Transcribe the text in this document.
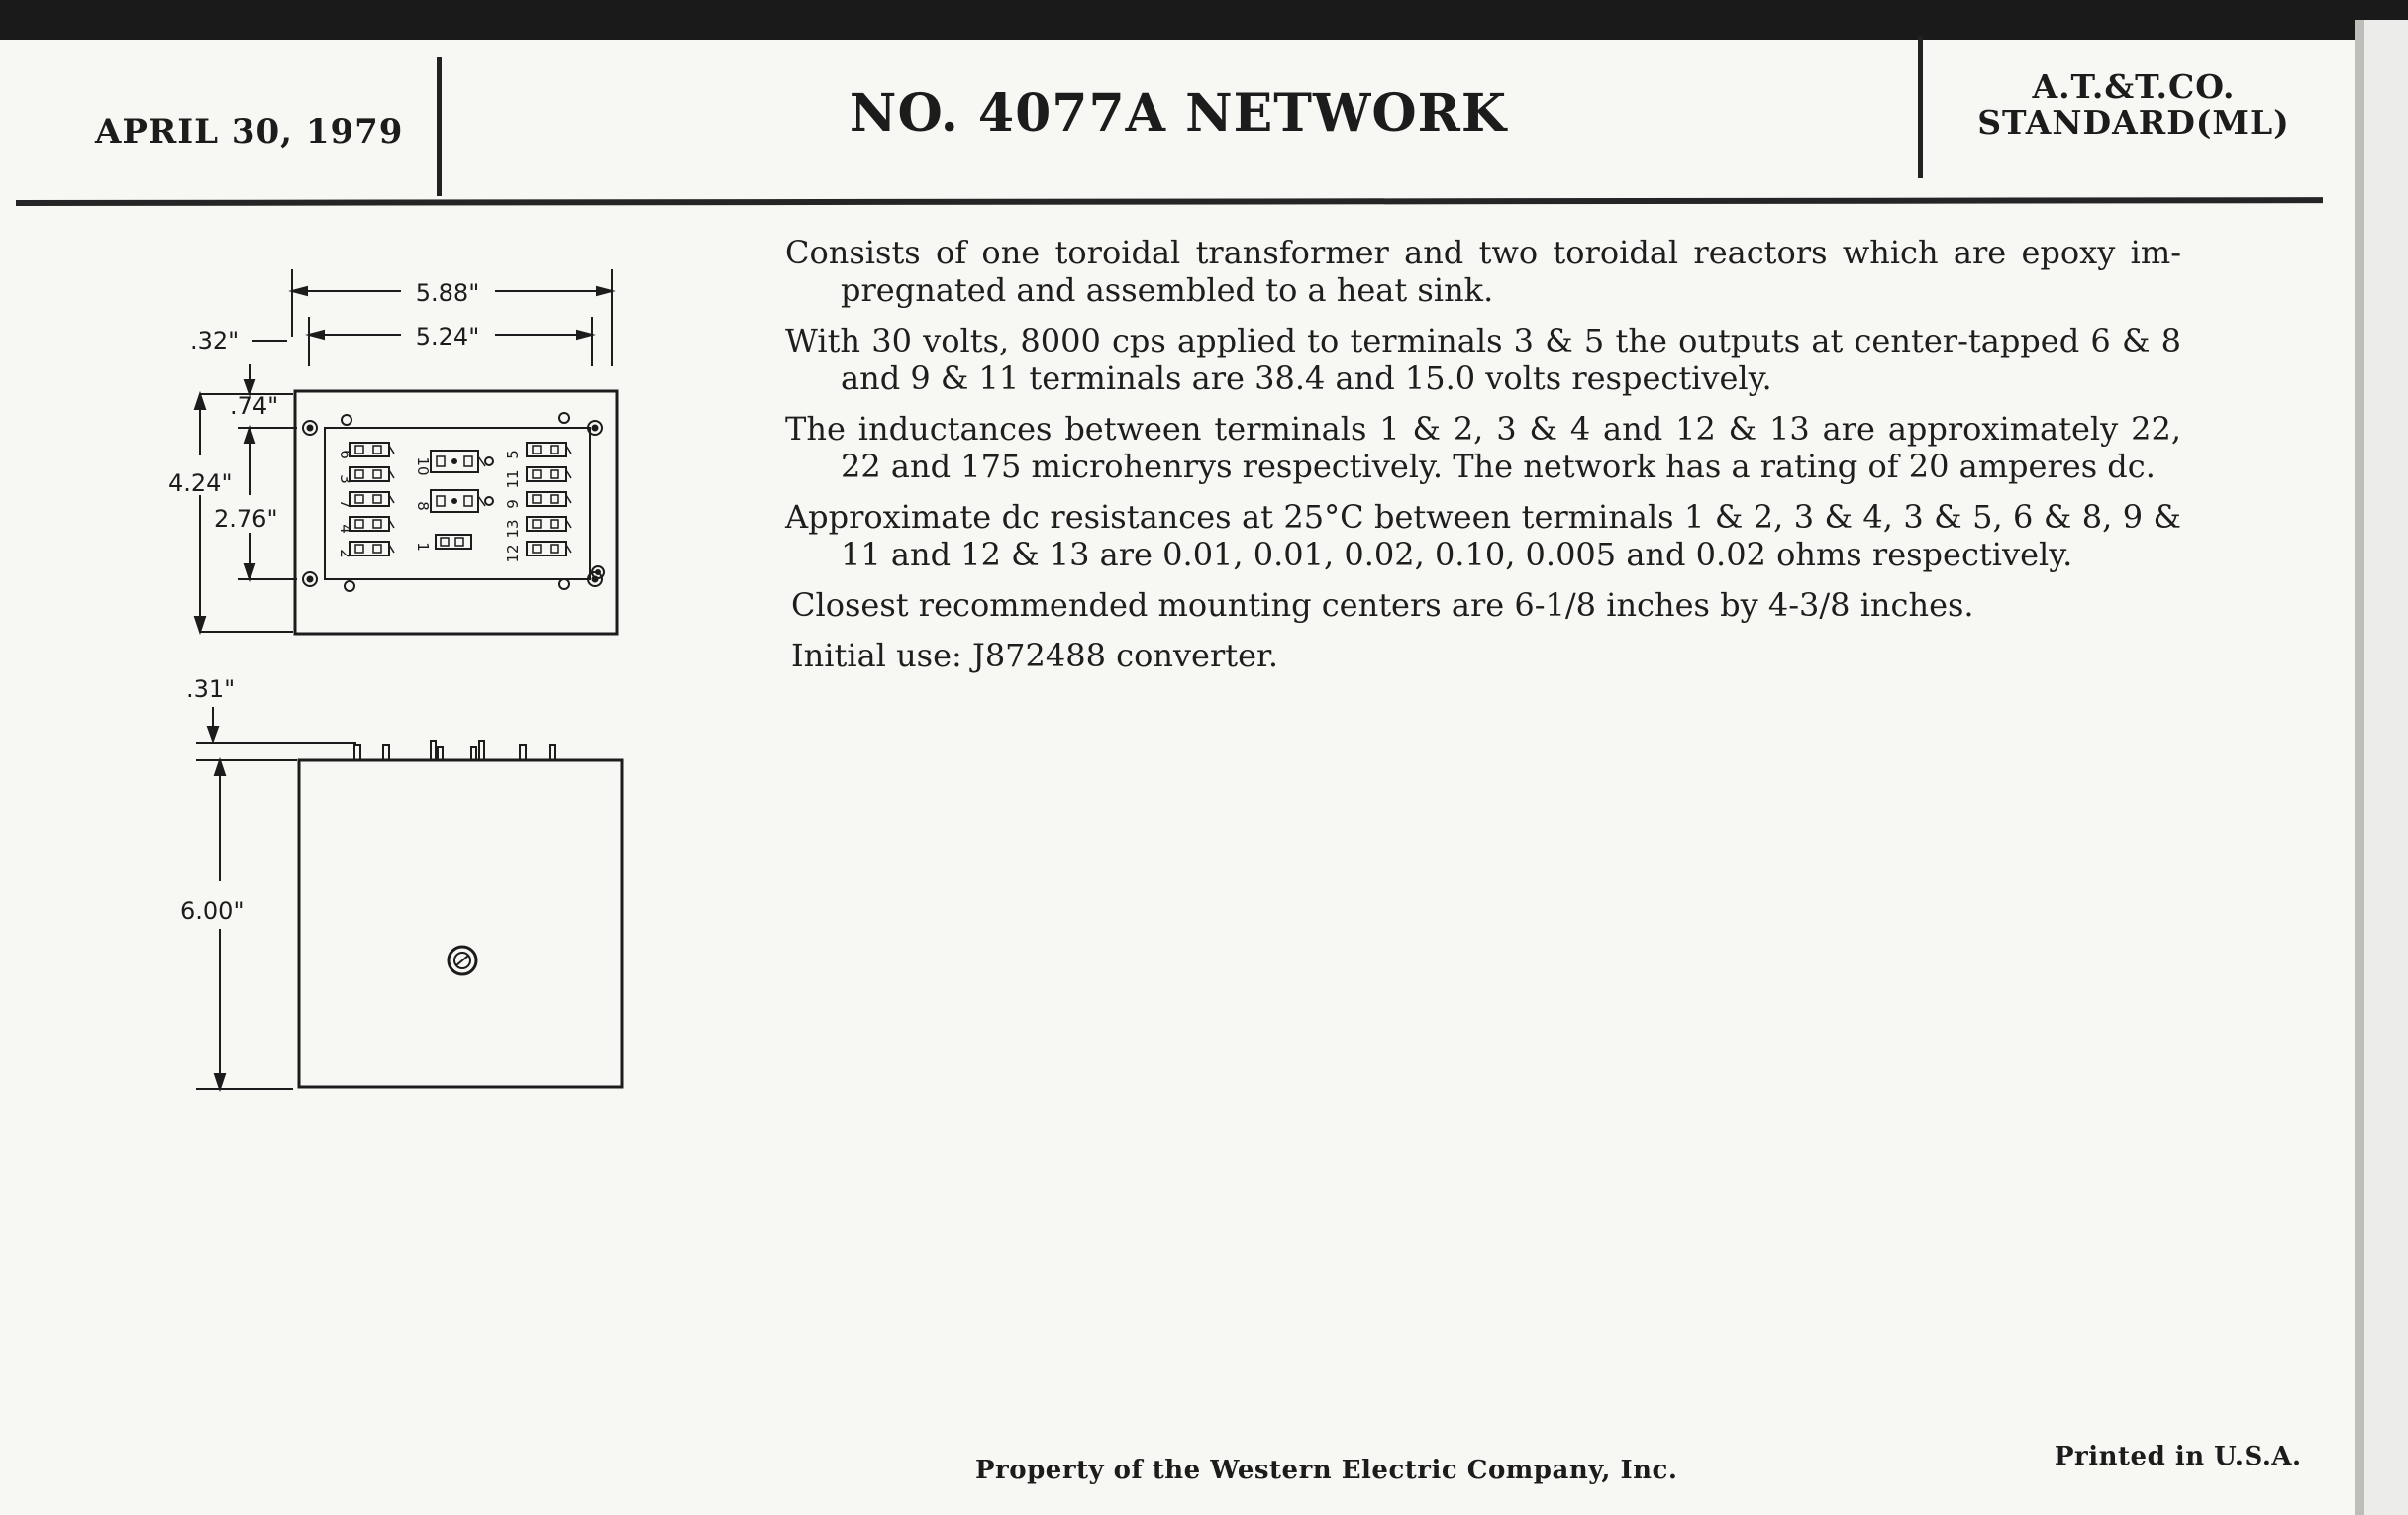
APRIL 30, 1979	NO. 4077A NETWORK	A.T.&T.CO.
STANDARD(ML)

Consists of one toroidal transformer and two toroidal reactors which are epoxy im-pregnated and assembled to a heat sink.

With 30 volts, 8000 cps applied to terminals 3 & 5 the outputs at center-tapped 6 & 8 and 9 & 11 terminals are 38.4 and 15.0 volts respectively.

The inductances between terminals 1 & 2, 3 & 4 and 12 & 13 are approximately 22, 22 and 175 microhenrys respectively. The network has a rating of 20 amperes dc.

Approximate dc resistances at 25°C between terminals 1 & 2, 3 & 4, 3 & 5, 6 & 8, 9 & 11 and 12 & 13 are 0.01, 0.01, 0.02, 0.10, 0.005 and 0.02 ohms respectively.

Closest recommended mounting centers are 6-1/8 inches by 4-3/8 inches.

Initial use: J872488 converter.

5.88"
5.24"
.32"
.74"
4.24"
2.76"
6
3
7
4
2
10
8
1
5
11
9
13
12
.31"
6.00"
Property of the Western Electric Company, Inc.	Printed in U.S.A.
